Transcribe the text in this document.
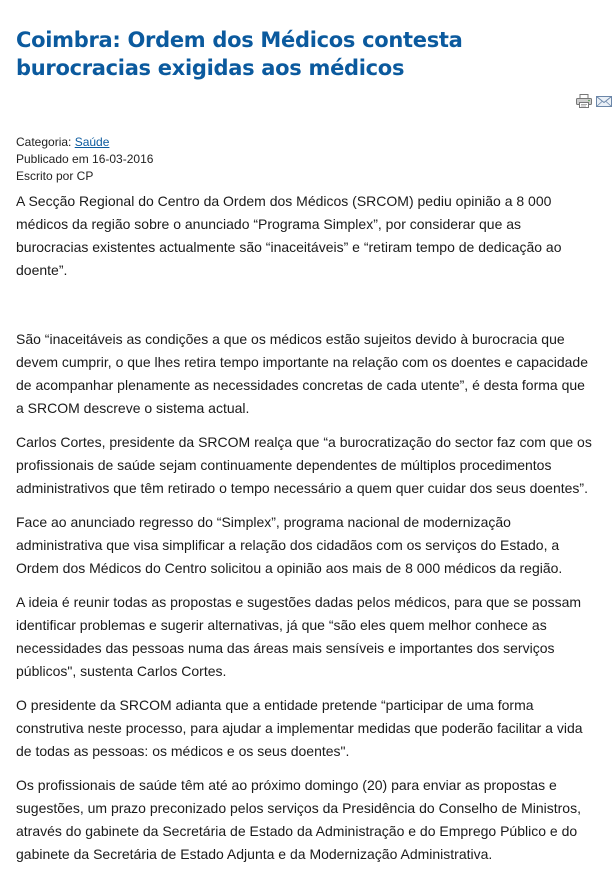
Coimbra: Ordem dos Médicos contesta burocracias exigidas aos médicos
Categoria: Saúde
Publicado em 16-03-2016
Escrito por CP

A Secção Regional do Centro da Ordem dos Médicos (SRCOM) pediu opinião a 8 000 médicos da região sobre o anunciado “Programa Simplex”, por considerar que as burocracias existentes actualmente são “inaceitáveis” e “retiram tempo de dedicação ao doente”.

São “inaceitáveis as condições a que os médicos estão sujeitos devido à burocracia que devem cumprir, o que lhes retira tempo importante na relação com os doentes e capacidade de acompanhar plenamente as necessidades concretas de cada utente”, é desta forma que a SRCOM descreve o sistema actual.

Carlos Cortes, presidente da SRCOM realça que “a burocratização do sector faz com que os profissionais de saúde sejam continuamente dependentes de múltiplos procedimentos administrativos que têm retirado o tempo necessário a quem quer cuidar dos seus doentes”.

Face ao anunciado regresso do “Simplex”, programa nacional de modernização administrativa que visa simplificar a relação dos cidadãos com os serviços do Estado, a Ordem dos Médicos do Centro solicitou a opinião aos mais de 8 000 médicos da região.

A ideia é reunir todas as propostas e sugestões dadas pelos médicos, para que se possam identificar problemas e sugerir alternativas, já que “são eles quem melhor conhece as necessidades das pessoas numa das áreas mais sensíveis e importantes dos serviços públicos", sustenta Carlos Cortes.

O presidente da SRCOM adianta que a entidade pretende “participar de uma forma construtiva neste processo, para ajudar a implementar medidas que poderão facilitar a vida de todas as pessoas: os médicos e os seus doentes".

Os profissionais de saúde têm até ao próximo domingo (20) para enviar as propostas e sugestões, um prazo preconizado pelos serviços da Presidência do Conselho de Ministros, através do gabinete da Secretária de Estado da Administração e do Emprego Público e do gabinete da Secretária de Estado Adjunta e da Modernização Administrativa.
